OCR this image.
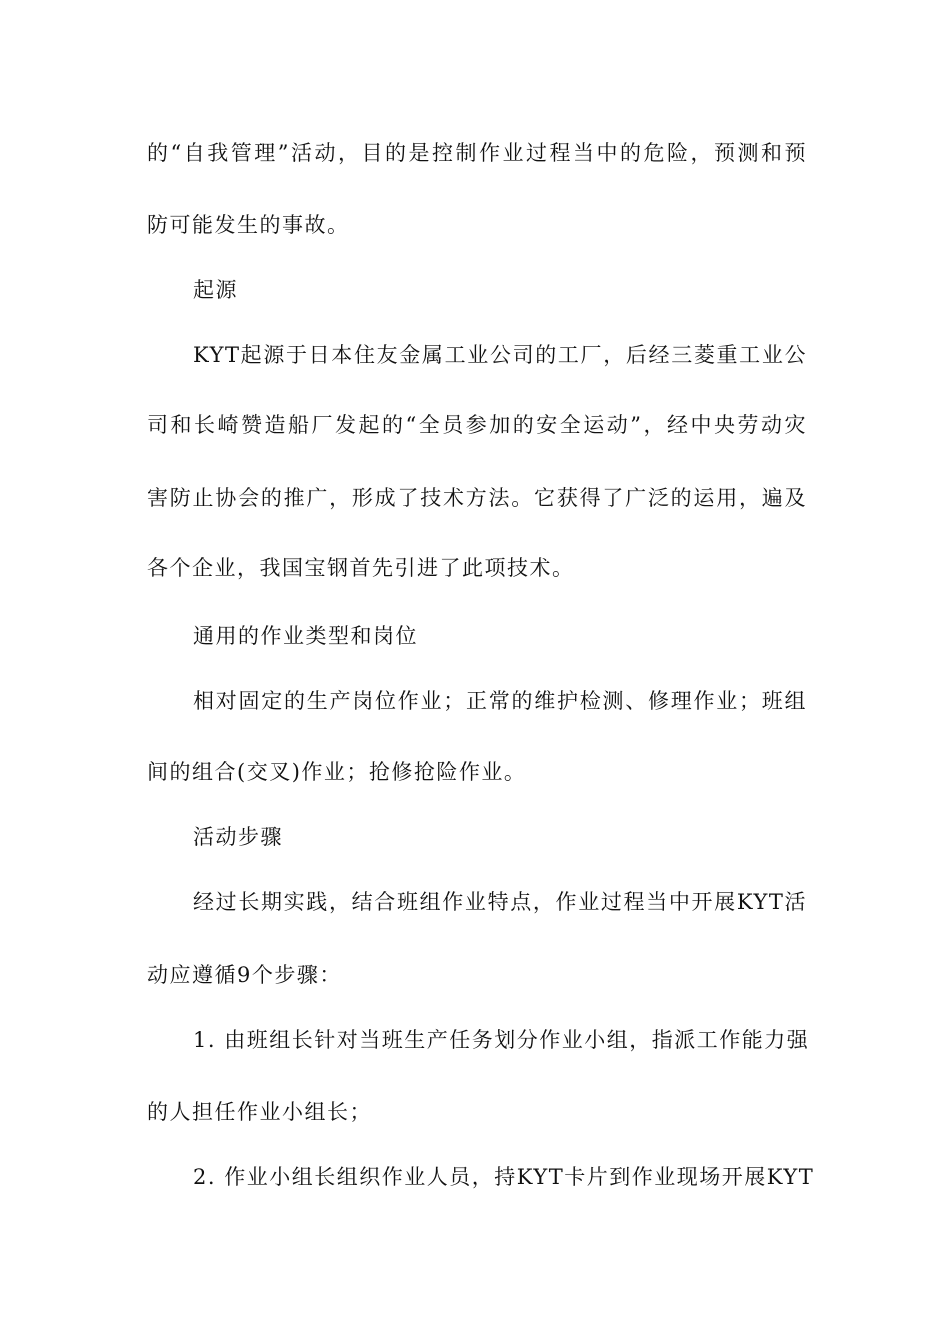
的“自我管理”活动，目的是控制作业过程当中的危险，预测和预
防可能发生的事故。
起源
KYT起源于日本住友金属工业公司的工厂，后经三菱重工业公
司和长崎赞造船厂发起的“全员参加的安全运动”，经中央劳动灾
害防止协会的推广，形成了技术方法。它获得了广泛的运用，遍及
各个企业，我国宝钢首先引进了此项技术。
通用的作业类型和岗位
相对固定的生产岗位作业；正常的维护检测、修理作业；班组
间的组合(交叉)作业；抢修抢险作业。
活动步骤
经过长期实践，结合班组作业特点，作业过程当中开展KYT活
动应遵循9个步骤：
1. 由班组长针对当班生产任务划分作业小组，指派工作能力强
的人担任作业小组长；
2. 作业小组长组织作业人员，持KYT卡片到作业现场开展KYT
